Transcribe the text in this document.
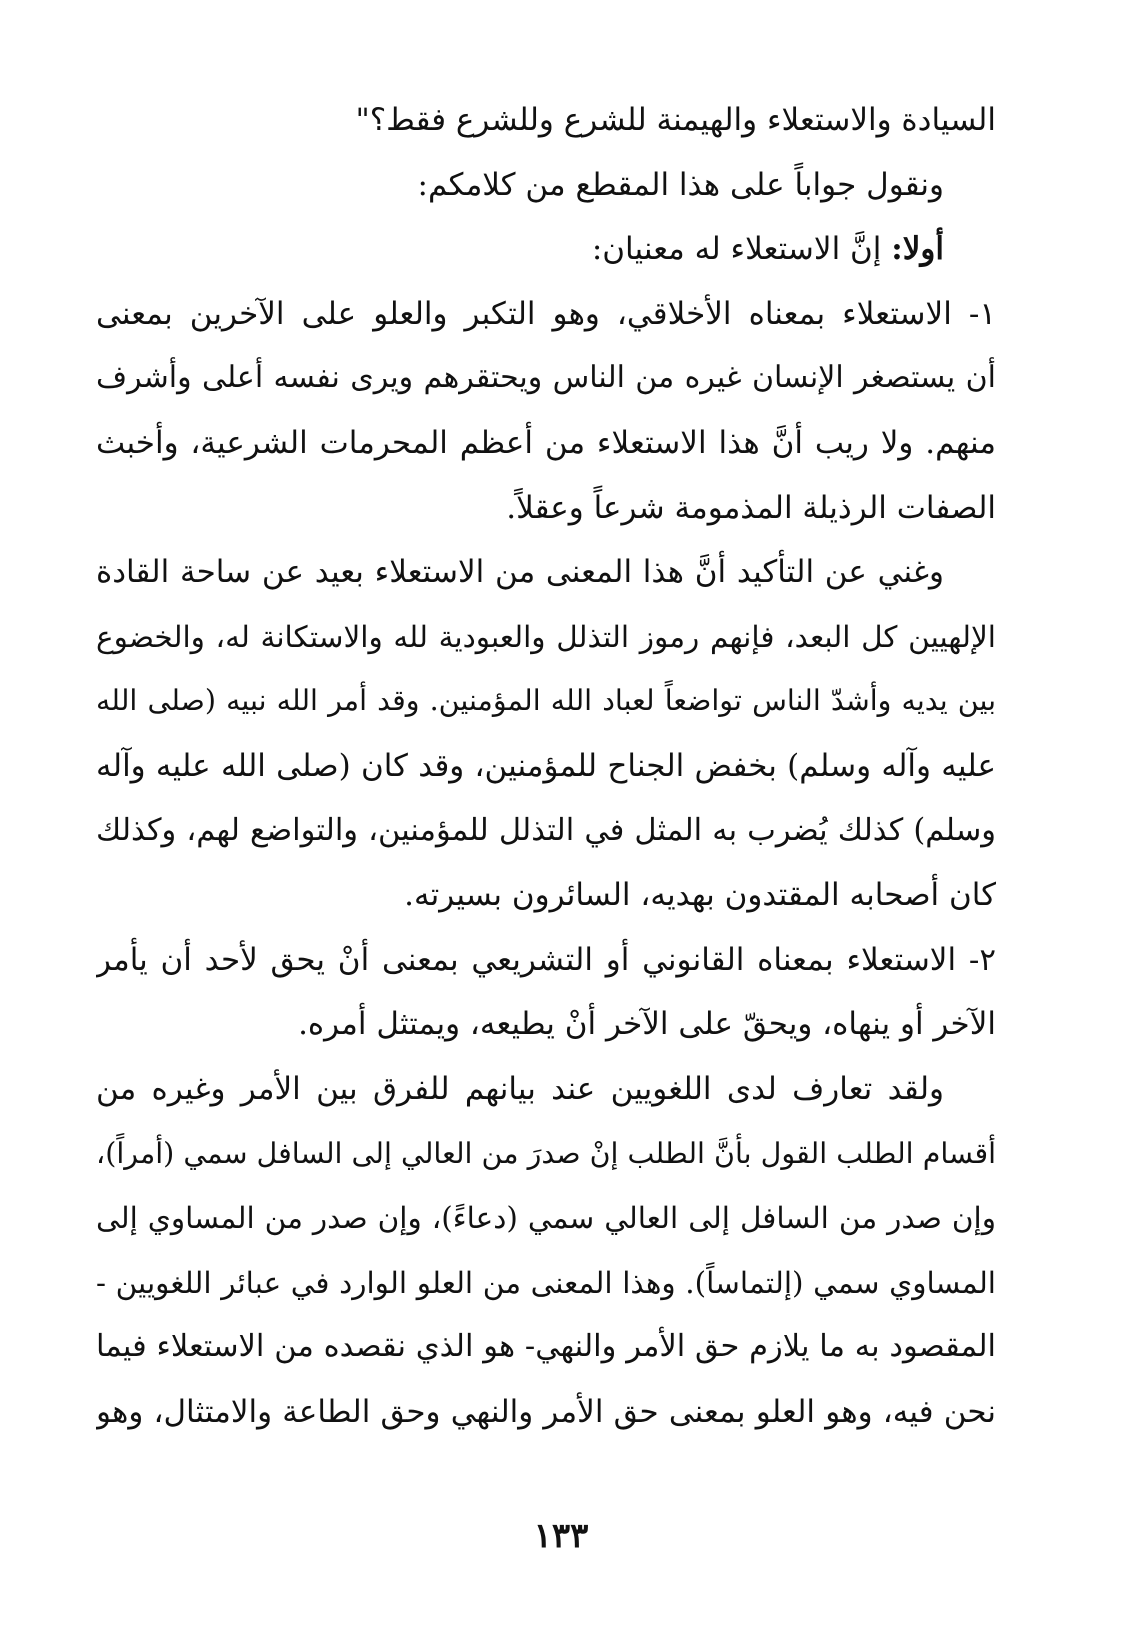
السيادة والاستعلاء والهيمنة للشرع وللشرع فقط؟"
ونقول جواباً على هذا المقطع من كلامكم:
أولا: إنَّ الاستعلاء له معنيان:
١- الاستعلاء بمعناه الأخلاقي، وهو التكبر والعلو على الآخرين بمعنى
أن يستصغر الإنسان غيره من الناس ويحتقرهم ويرى نفسه أعلى وأشرف
منهم. ولا ريب أنَّ هذا الاستعلاء من أعظم المحرمات الشرعية، وأخبث
الصفات الرذيلة المذمومة شرعاً وعقلاً.
وغني عن التأكيد أنَّ هذا المعنى من الاستعلاء بعيد عن ساحة القادة
الإلهيين كل البعد، فإنهم رموز التذلل والعبودية لله والاستكانة له، والخضوع
بين يديه وأشدّ الناس تواضعاً لعباد الله المؤمنين. وقد أمر الله نبيه (صلى الله
عليه وآله وسلم) بخفض الجناح للمؤمنين، وقد كان (صلى الله عليه وآله
وسلم) كذلك يُضرب به المثل في التذلل للمؤمنين، والتواضع لهم، وكذلك
كان أصحابه المقتدون بهديه، السائرون بسيرته.
٢- الاستعلاء بمعناه القانوني أو التشريعي بمعنى أنْ يحق لأحد أن يأمر
الآخر أو ينهاه، ويحقّ على الآخر أنْ يطيعه، ويمتثل أمره.
ولقد تعارف لدى اللغويين عند بيانهم للفرق بين الأمر وغيره من
أقسام الطلب القول بأنَّ الطلب إنْ صدرَ من العالي إلى السافل سمي (أمراً)،
وإن صدر من السافل إلى العالي سمي (دعاءً)، وإن صدر من المساوي إلى
المساوي سمي (إلتماساً). وهذا المعنى من العلو الوارد في عبائر اللغويين -
المقصود به ما يلازم حق الأمر والنهي- هو الذي نقصده من الاستعلاء فيما
نحن فيه، وهو العلو بمعنى حق الأمر والنهي وحق الطاعة والامتثال، وهو
١٣٣
